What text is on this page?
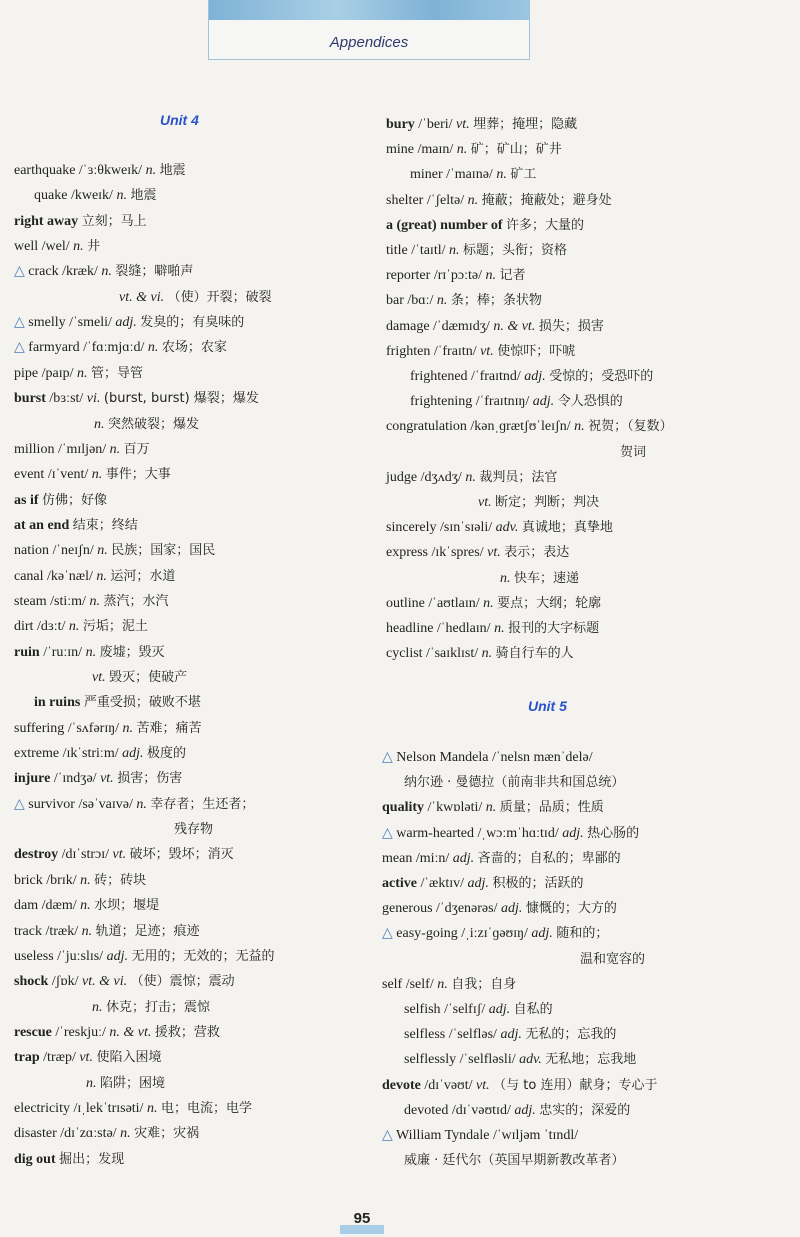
Appendices
Unit 4
earthquake /ˈɜːθkweɪk/ n. 地震
quake /kweɪk/ n. 地震
right away 立刻；马上
well /wel/ n. 井
△ crack /kræk/ n. 裂缝；噼啪声
vt. & vi. （使）开裂；破裂
△ smelly /ˈsmeli/ adj. 发臭的；有臭味的
△ farmyard /ˈfɑːmjɑːd/ n. 农场；农家
pipe /paɪp/ n. 管；导管
burst /bɜːst/ vi. (burst, burst) 爆裂；爆发
n. 突然破裂；爆发
million /ˈmɪljən/ n. 百万
event /ɪˈvent/ n. 事件；大事
as if 仿佛；好像
at an end 结束；终结
nation /ˈneɪʃn/ n. 民族；国家；国民
canal /kəˈnæl/ n. 运河；水道
steam /stiːm/ n. 蒸汽；水汽
dirt /dɜːt/ n. 污垢；泥土
ruin /ˈruːɪn/ n. 废墟；毁灭
vt. 毁灭；使破产
in ruins 严重受损；破败不堪
suffering /ˈsʌfərɪŋ/ n. 苦难；痛苦
extreme /ɪkˈstriːm/ adj. 极度的
injure /ˈɪndʒə/ vt. 损害；伤害
△ survivor /səˈvaɪvə/ n. 幸存者；生还者；
残存物
destroy /dɪˈstrɔɪ/ vt. 破坏；毁坏；消灭
brick /brɪk/ n. 砖；砖块
dam /dæm/ n. 水坝；堰堤
track /træk/ n. 轨道；足迹；痕迹
useless /ˈjuːslɪs/ adj. 无用的；无效的；无益的
shock /ʃɒk/ vt. & vi. （使）震惊；震动
n. 休克；打击；震惊
rescue /ˈreskjuː/ n. & vt. 援救；营救
trap /træp/ vt. 使陷入困境
n. 陷阱；困境
electricity /ɪˌlekˈtrɪsəti/ n. 电；电流；电学
disaster /dɪˈzɑːstə/ n. 灾难；灾祸
dig out 掘出；发现
bury /ˈberi/ vt. 埋葬；掩埋；隐藏
mine /maɪn/ n. 矿；矿山；矿井
miner /ˈmaɪnə/ n. 矿工
shelter /ˈʃeltə/ n. 掩蔽；掩蔽处；避身处
a (great) number of 许多；大量的
title /ˈtaɪtl/ n. 标题；头衔；资格
reporter /rɪˈpɔːtə/ n. 记者
bar /bɑː/ n. 条；棒；条状物
damage /ˈdæmɪdʒ/ n. & vt. 损失；损害
frighten /ˈfraɪtn/ vt. 使惊吓；吓唬
frightened /ˈfraɪtnd/ adj. 受惊的；受恐吓的
frightening /ˈfraɪtnɪŋ/ adj. 令人恐惧的
congratulation /kənˌɡrætʃʊˈleɪʃn/ n. 祝贺；（复数）
贺词
judge /dʒʌdʒ/ n. 裁判员；法官
vt. 断定；判断；判决
sincerely /sɪnˈsɪəli/ adv. 真诚地；真挚地
express /ɪkˈspres/ vt. 表示；表达
n. 快车；速递
outline /ˈaʊtlaɪn/ n. 要点；大纲；轮廓
headline /ˈhedlaɪn/ n. 报刊的大字标题
cyclist /ˈsaɪklɪst/ n. 骑自行车的人
Unit 5
△ Nelson Mandela /ˈnelsn mænˈdelə/
纳尔逊 · 曼德拉（前南非共和国总统）
quality /ˈkwɒləti/ n. 质量；品质；性质
△ warm-hearted /ˌwɔːmˈhɑːtɪd/ adj. 热心肠的
mean /miːn/ adj. 吝啬的；自私的；卑鄙的
active /ˈæktɪv/ adj. 积极的；活跃的
generous /ˈdʒenərəs/ adj. 慷慨的；大方的
△ easy-going /ˌiːzɪˈɡəʊɪŋ/ adj. 随和的；
温和宽容的
self /self/ n. 自我；自身
selfish /ˈselfɪʃ/ adj. 自私的
selfless /ˈselfləs/ adj. 无私的；忘我的
selflessly /ˈselfləsli/ adv. 无私地；忘我地
devote /dɪˈvəʊt/ vt. （与 to 连用）献身；专心于
devoted /dɪˈvəʊtɪd/ adj. 忠实的；深爱的
△ William Tyndale /ˈwɪljəm ˈtɪndl/
威廉 · 廷代尔（英国早期新教改革者）
95
